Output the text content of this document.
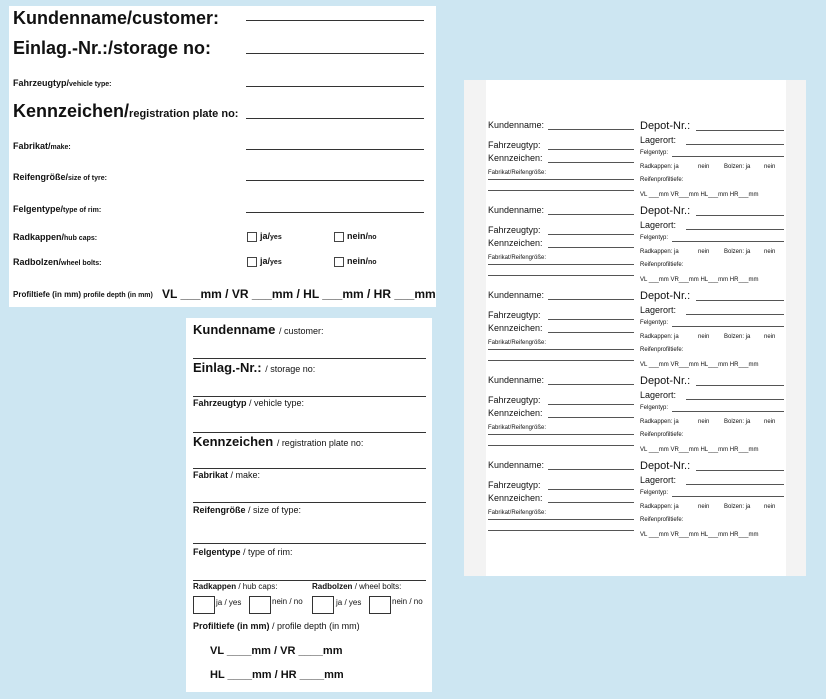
Kundenname/customer:
Einlag.-Nr.:/storage no:
Fahrzeugtyp/vehicle type:
Kennzeichen/registration plate no:
Fabrikat/make:
Reifengröße/size of tyre:
Felgentype/type of rim:
Radkappen/hub caps:	ja/yes	nein/no
Radbolzen/wheel bolts:	ja/yes	nein/no
Profiltiefe (in mm) profile depth (in mm) VL ___mm / VR ___mm / HL ___mm / HR ___mm
Kundenname / customer:
Einlag.-Nr.: / storage no:
Fahrzeugtyp / vehicle type:
Kennzeichen / registration plate no:
Fabrikat / make:
Reifengröße / size of type:
Felgentype / type of rim:
Radkappen / hub caps:	Radbolzen / wheel bolts:
ja / yes	nein / no	ja / yes	nein / no
Profiltiefe (in mm) / profile depth (in mm)
VL ____mm / VR ____mm
HL ____mm / HR ____mm
Kundenname:
Fahrzeugtyp:
Kennzeichen:
Fabrikat/Reifengröße:
Depot-Nr.:
Lagerort:
Felgentyp:
Radkappen: ja	nein Bolzen: ja nein
Reifenprofiltiefe:
VL ___mm VR___mm HL___mm HR___mm
Kundenname:
Fahrzeugtyp:
Kennzeichen:
Fabrikat/Reifengröße:
Depot-Nr.:
Lagerort:
Felgentyp:
Radkappen: ja	nein Bolzen: ja nein
Reifenprofiltiefe:
VL ___mm VR___mm HL___mm HR___mm
Kundenname:
Fahrzeugtyp:
Kennzeichen:
Fabrikat/Reifengröße:
Depot-Nr.:
Lagerort:
Felgentyp:
Radkappen: ja	nein Bolzen: ja nein
Reifenprofiltiefe:
VL ___mm VR___mm HL___mm HR___mm
Kundenname:
Fahrzeugtyp:
Kennzeichen:
Fabrikat/Reifengröße:
Depot-Nr.:
Lagerort:
Felgentyp:
Radkappen: ja	nein Bolzen: ja nein
Reifenprofiltiefe:
VL ___mm VR___mm HL___mm HR___mm
Kundenname:
Fahrzeugtyp:
Kennzeichen:
Fabrikat/Reifengröße:
Depot-Nr.:
Lagerort:
Felgentyp:
Radkappen: ja	nein Bolzen: ja nein
Reifenprofiltiefe:
VL ___mm VR___mm HL___mm HR___mm
